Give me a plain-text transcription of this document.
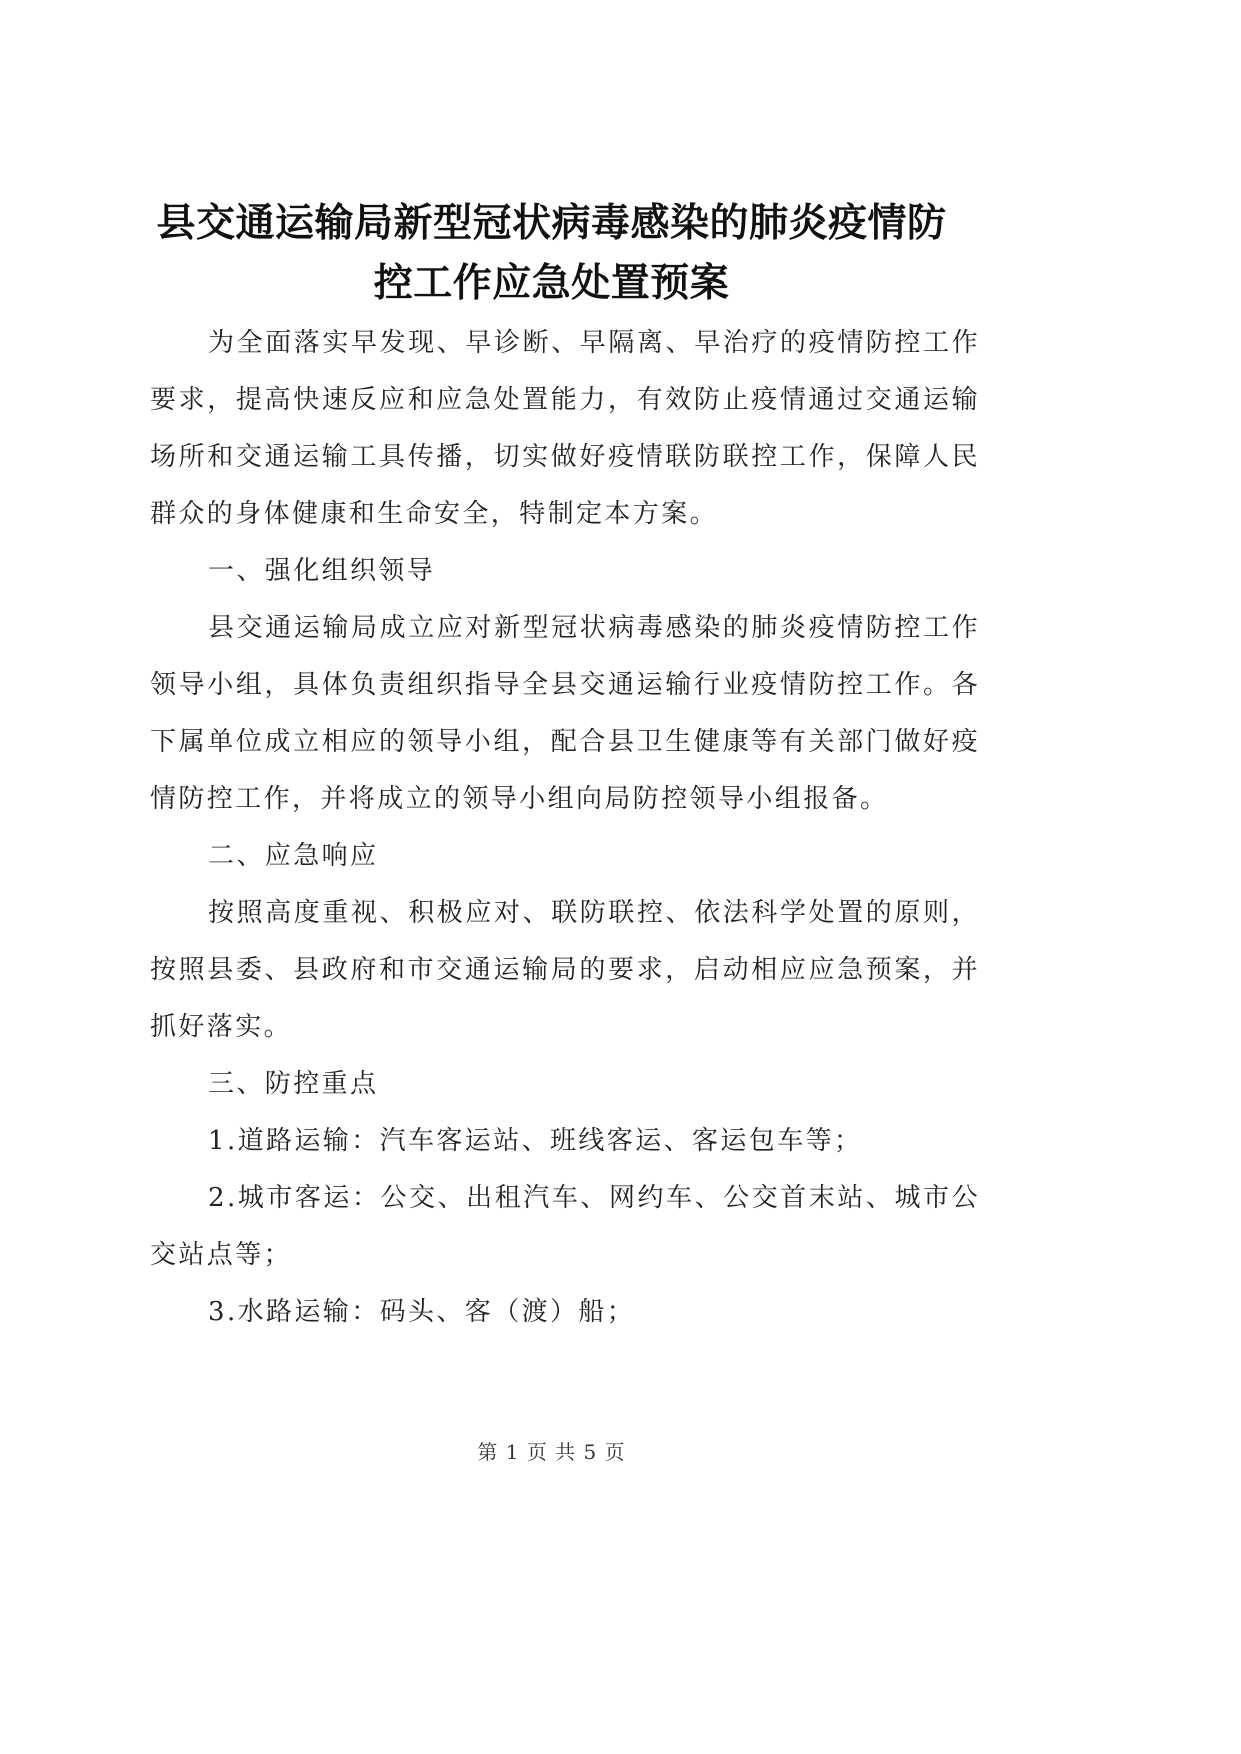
县交通运输局新型冠状病毒感染的肺炎疫情防
控工作应急处置预案

为全面落实早发现、早诊断、早隔离、早治疗的疫情防控工作要求，提高快速反应和应急处置能力，有效防止疫情通过交通运输场所和交通运输工具传播，切实做好疫情联防联控工作，保障人民群众的身体健康和生命安全，特制定本方案。

一、强化组织领导

县交通运输局成立应对新型冠状病毒感染的肺炎疫情防控工作领导小组，具体负责组织指导全县交通运输行业疫情防控工作。各下属单位成立相应的领导小组，配合县卫生健康等有关部门做好疫情防控工作，并将成立的领导小组向局防控领导小组报备。

二、应急响应

按照高度重视、积极应对、联防联控、依法科学处置的原则，按照县委、县政府和市交通运输局的要求，启动相应应急预案，并抓好落实。

三、防控重点

1.道路运输：汽车客运站、班线客运、客运包车等；

2.城市客运：公交、出租汽车、网约车、公交首末站、城市公交站点等；

3.水路运输：码头、客（渡）船；

第 1 页 共 5 页
